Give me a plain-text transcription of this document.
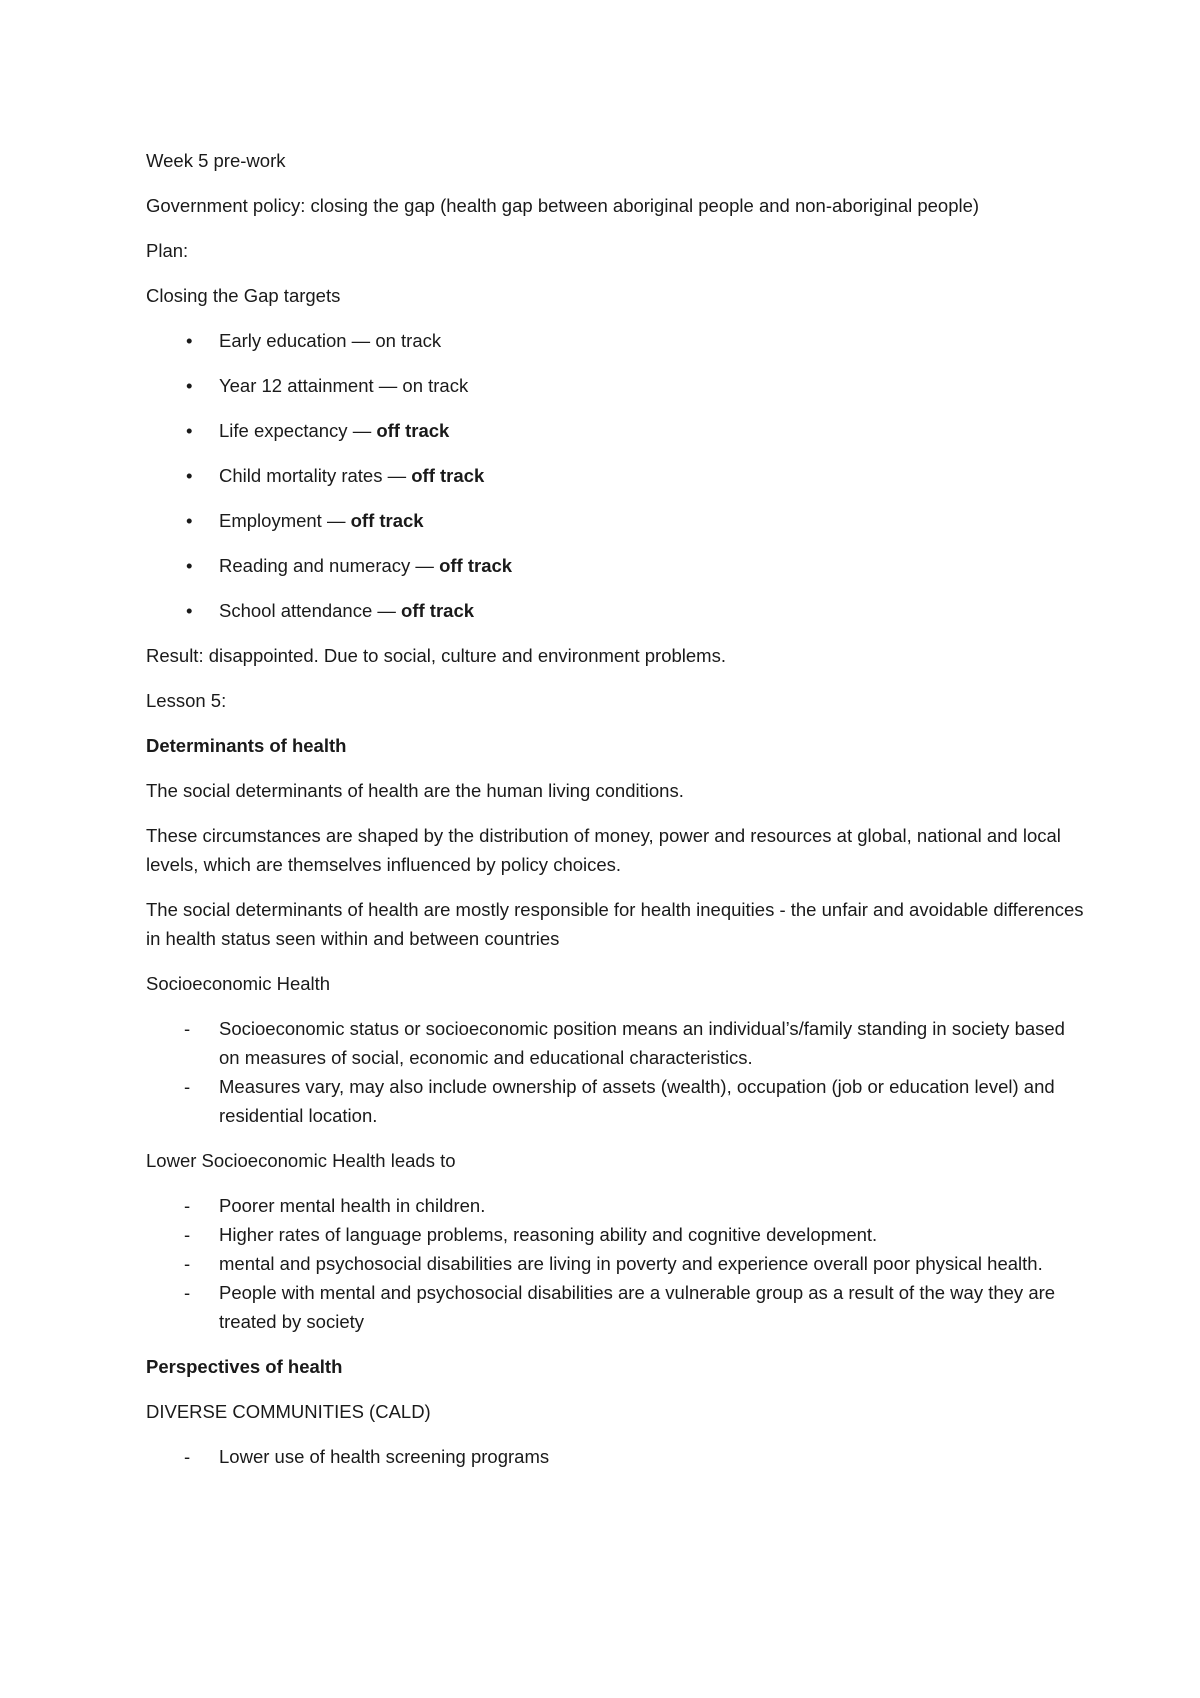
Week 5 pre-work

Government policy: closing the gap (health gap between aboriginal people and non-aboriginal people)

Plan:

Closing the Gap targets

• Early education — on track
• Year 12 attainment — on track
• Life expectancy — off track
• Child mortality rates — off track
• Employment — off track
• Reading and numeracy — off track
• School attendance — off track

Result: disappointed. Due to social, culture and environment problems.

Lesson 5:

Determinants of health

The social determinants of health are the human living conditions.

These circumstances are shaped by the distribution of money, power and resources at global, national and local levels, which are themselves influenced by policy choices.

The social determinants of health are mostly responsible for health inequities - the unfair and avoidable differences in health status seen within and between countries

Socioeconomic Health

- Socioeconomic status or socioeconomic position means an individual’s/family standing in society based on measures of social, economic and educational characteristics.
- Measures vary, may also include ownership of assets (wealth), occupation (job or education level) and residential location.

Lower Socioeconomic Health leads to

- Poorer mental health in children.
- Higher rates of language problems, reasoning ability and cognitive development.
- mental and psychosocial disabilities are living in poverty and experience overall poor physical health.
- People with mental and psychosocial disabilities are a vulnerable group as a result of the way they are treated by society

Perspectives of health

DIVERSE COMMUNITIES (CALD)

- Lower use of health screening programs
